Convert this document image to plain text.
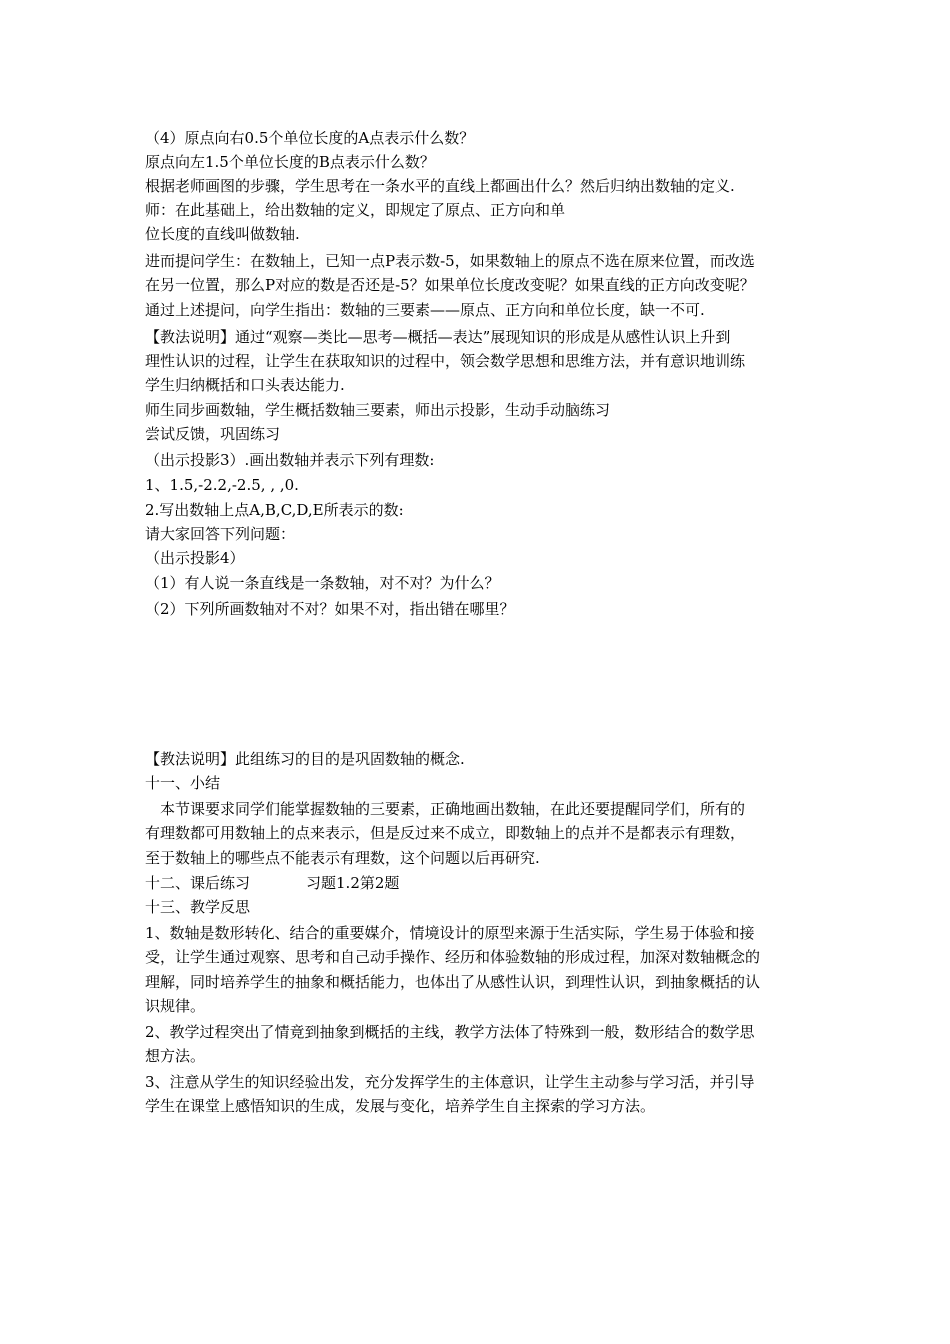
（4）原点向右0.5个单位长度的A点表示什么数？
原点向左1.5个单位长度的B点表示什么数？
根据老师画图的步骤，学生思考在一条水平的直线上都画出什么？然后归纳出数轴的定义.
师：在此基础上，给出数轴的定义，即规定了原点、正方向和单
位长度的直线叫做数轴.
进而提问学生：在数轴上，已知一点P表示数-5，如果数轴上的原点不选在原来位置，而改选
在另一位置，那么P对应的数是否还是-5？如果单位长度改变呢？如果直线的正方向改变呢？
通过上述提问，向学生指出：数轴的三要素——原点、正方向和单位长度，缺一不可.
【教法说明】通过“观察—类比—思考—概括—表达”展现知识的形成是从感性认识上升到
理性认识的过程，让学生在获取知识的过程中，领会数学思想和思维方法，并有意识地训练
学生归纳概括和口头表达能力.
师生同步画数轴，学生概括数轴三要素，师出示投影，生动手动脑练习
尝试反馈，巩固练习
（出示投影3）.画出数轴并表示下列有理数:
1、1.5,-2.2,-2.5, , ,0.
2.写出数轴上点A,B,C,D,E所表示的数:
请大家回答下列问题：
（出示投影4）
（1）有人说一条直线是一条数轴，对不对？为什么？
（2）下列所画数轴对不对？如果不对，指出错在哪里？
【教法说明】此组练习的目的是巩固数轴的概念.
十一、小结
　本节课要求同学们能掌握数轴的三要素，正确地画出数轴，在此还要提醒同学们，所有的
有理数都可用数轴上的点来表示，但是反过来不成立，即数轴上的点并不是都表示有理数，
至于数轴上的哪些点不能表示有理数，这个问题以后再研究.
十二、课后练习	习题1.2第2题
十三、教学反思
1、数轴是数形转化、结合的重要媒介，情境设计的原型来源于生活实际，学生易于体验和接
受，让学生通过观察、思考和自己动手操作、经历和体验数轴的形成过程，加深对数轴概念的
理解，同时培养学生的抽象和概括能力，也体出了从感性认识，到理性认识，到抽象概括的认
识规律。
2、教学过程突出了情竟到抽象到概括的主线，教学方法体了特殊到一般，数形结合的数学思
想方法。
3、注意从学生的知识经验出发，充分发挥学生的主体意识，让学生主动参与学习活，并引导
学生在课堂上感悟知识的生成，发展与变化，培养学生自主探索的学习方法。
